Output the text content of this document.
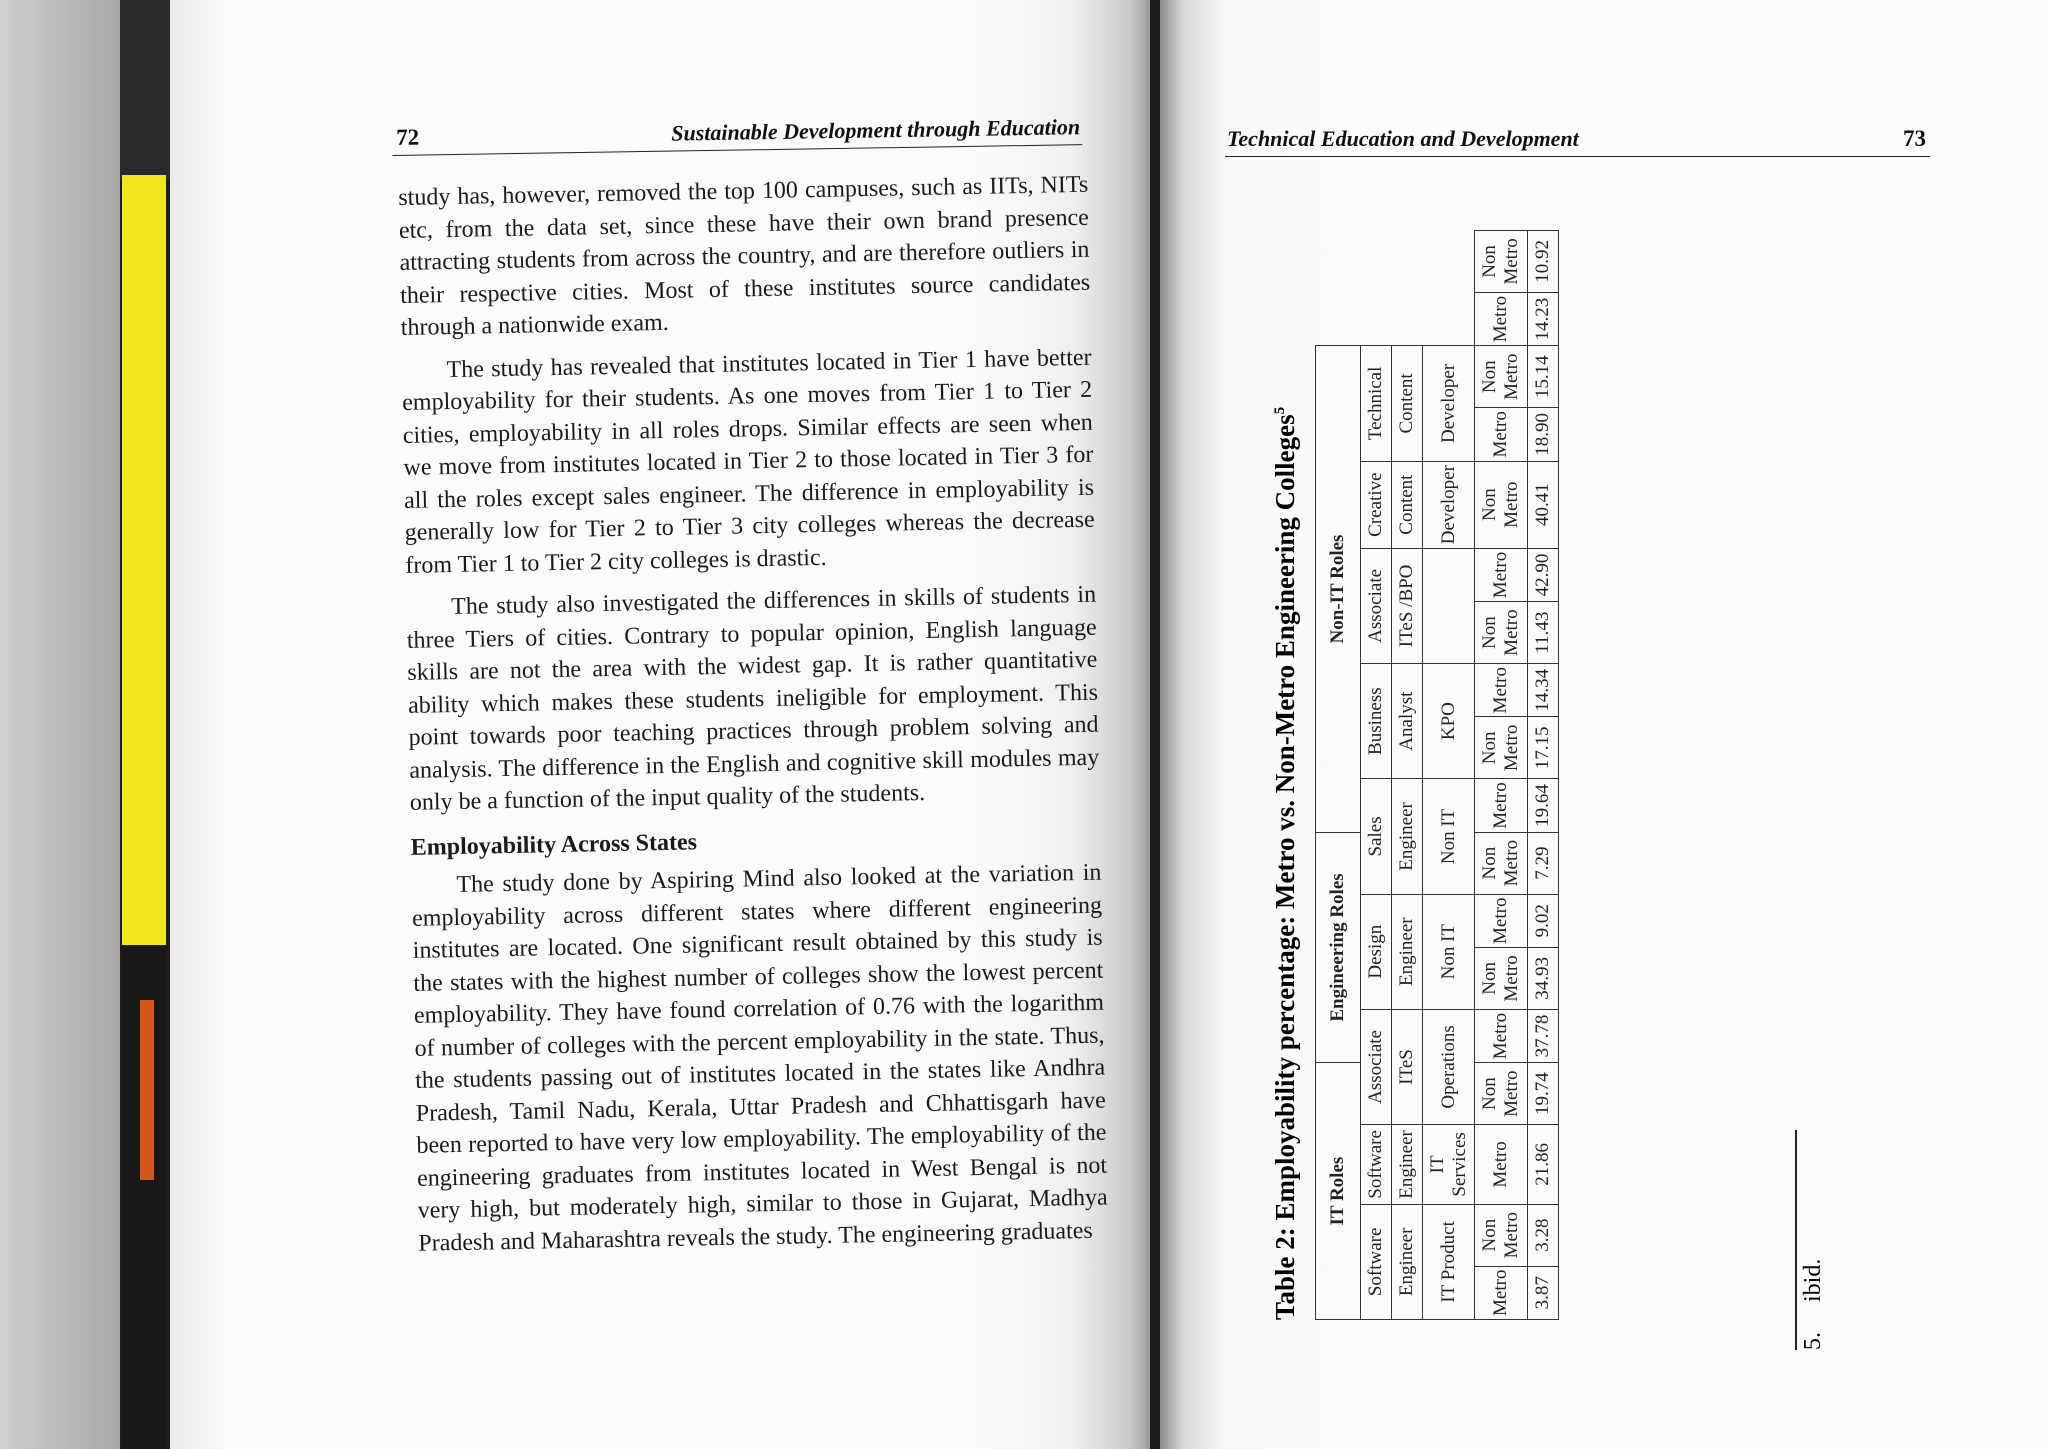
72	Sustainable Development through Education

study has, however, removed the top 100 campuses, such as IITs, NITs etc, from the data set, since these have their own brand presence attracting students from across the country, and are therefore outliers in their respective cities. Most of these institutes source candidates through a nationwide exam.

The study has revealed that institutes located in Tier 1 have better employability for their students. As one moves from Tier 1 to Tier 2 cities, employability in all roles drops. Similar effects are seen when we move from institutes located in Tier 2 to those located in Tier 3 for all the roles except sales engineer. The difference in employability is generally low for Tier 2 to Tier 3 city colleges whereas the decrease from Tier 1 to Tier 2 city colleges is drastic.

The study also investigated the differences in skills of students in three Tiers of cities. Contrary to popular opinion, English language skills are not the area with the widest gap. It is rather quantitative ability which makes these students ineligible for employment. This point towards poor teaching practices through problem solving and analysis. The difference in the English and cognitive skill modules may only be a function of the input quality of the students.

Employability Across States

The study done by Aspiring Mind also looked at the variation in employability across different states where different engineering institutes are located. One significant result obtained by this study is the states with the highest number of colleges show the lowest percent employability. They have found correlation of 0.76 with the logarithm of number of colleges with the percent employability in the state. Thus, the students passing out of institutes located in the states like Andhra Pradesh, Tamil Nadu, Kerala, Uttar Pradesh and Chhattisgarh have been reported to have very low employability. The employability of the engineering graduates from institutes located in West Bengal is not very high, but moderately high, similar to those in Gujarat, Madhya Pradesh and Maharashtra reveals the study. The engineering graduates

Technical Education and Development	73
Table 2: Employability percentage: Metro vs. Non-Metro Engineering Colleges$^5$
IT Roles				Engineering Roles				Non-IT Roles									
Software		Software	Associate		Design		Sales		Business		Associate		Creative	Technical			
Engineer		Engineer	ITeS		Engineer		Engineer		Analyst		ITeS /BPO		Content	Content			
IT Product		IT Services	Operations		Non IT		Non IT		KPO				Developer	Developer			
Metro	Non Metro	Metro	Non Metro	Metro	Non Metro	Metro	Non Metro	Metro	Non Metro	Metro	Non Metro	Metro	Non Metro	Metro	Non Metro	Metro	Non Metro
3.87	3.28	21.86	19.74	37.78	34.93	9.02	7.29	19.64	17.15	14.34	11.43	42.90	40.41	18.90	15.14	14.23	10.92
5. ibid.
